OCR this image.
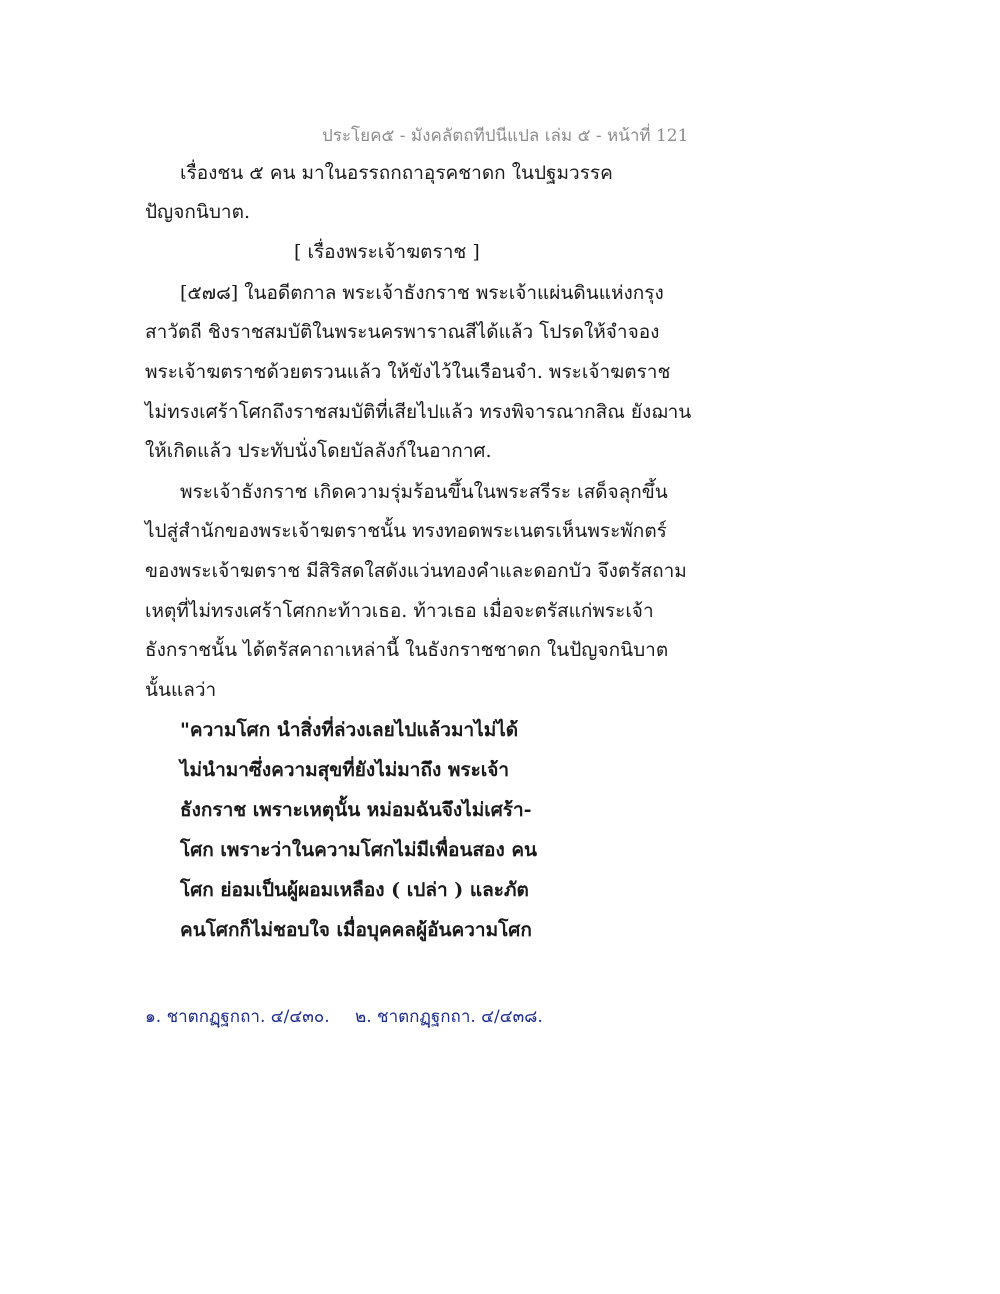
ประโยค๕ - มังคลัตถทีปนีแปล เล่ม ๕ - หน้าที่ 121
เรื่องชน ๕ คน มาในอรรถกถาอุรคชาดก ในปฐมวรรค
ปัญจกนิบาต.
[ เรื่องพระเจ้าฆตราช ]
[๕๗๘] ในอดีตกาล พระเจ้าธังกราช พระเจ้าแผ่นดินแห่งกรุง
สาวัตถี ชิงราชสมบัติในพระนครพาราณสีได้แล้ว โปรดให้จำจอง
พระเจ้าฆตราชด้วยตรวนแล้ว ให้ขังไว้ในเรือนจำ. พระเจ้าฆตราช
ไม่ทรงเศร้าโศกถึงราชสมบัติที่เสียไปแล้ว ทรงพิจารณากสิณ ยังฌาน
ให้เกิดแล้ว ประทับนั่งโดยบัลลังก์ในอากาศ.
พระเจ้าธังกราช เกิดความรุ่มร้อนขึ้นในพระสรีระ เสด็จลุกขึ้น
ไปสู่สำนักของพระเจ้าฆตราชนั้น ทรงทอดพระเนตรเห็นพระพักตร์
ของพระเจ้าฆตราช มีสิริสดใสดังแว่นทองคำและดอกบัว จึงตรัสถาม
เหตุที่ไม่ทรงเศร้าโศกกะท้าวเธอ. ท้าวเธอ เมื่อจะตรัสแก่พระเจ้า
ธังกราชนั้น ได้ตรัสคาถาเหล่านี้ ในธังกราชชาดก ในปัญจกนิบาต
นั้นแลว่า
"ความโศก นำสิ่งที่ล่วงเลยไปแล้วมาไม่ได้
ไม่นำมาซึ่งความสุขที่ยังไม่มาถึง พระเจ้า
ธังกราช เพราะเหตุนั้น หม่อมฉันจึงไม่เศร้า-
โศก เพราะว่าในความโศกไม่มีเพื่อนสอง คน
โศก ย่อมเป็นผู้ผอมเหลือง ( เปล่า ) และภัต
คนโศกก็ไม่ชอบใจ เมื่อบุคคลผู้อันความโศก
๑. ชาตกฏฺฐกถา. ๔/๔๓๐. ๒. ชาตกฏฺฐกถา. ๔/๔๓๘.
